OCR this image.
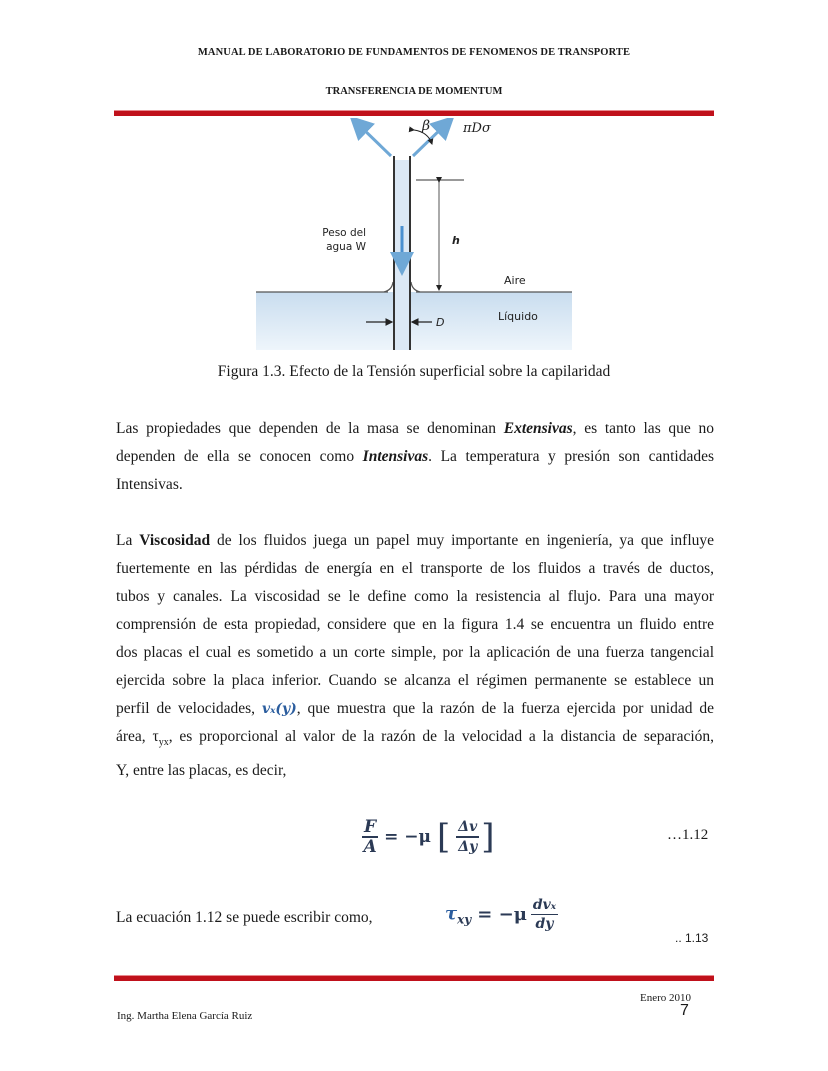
MANUAL DE LABORATORIO DE FUNDAMENTOS DE FENOMENOS DE TRANSPORTE
TRANSFERENCIA DE MOMENTUM
β	πDσ
Peso del
agua W	h
Aire
Líquido
D
Figura 1.3. Efecto de la Tensión superficial sobre la capilaridad
Las propiedades que dependen de la masa se denominan Extensivas, es tanto las que no
dependen de ella se conocen como Intensivas. La temperatura y presión son cantidades
Intensivas.
La Viscosidad de los fluidos juega un papel muy importante en ingeniería, ya que influye
fuertemente en las pérdidas de energía en el transporte de los fluidos a través de ductos,
tubos y canales. La viscosidad se le define como la resistencia al flujo. Para una mayor
comprensión de esta propiedad, considere que en la figura 1.4 se encuentra un fluido entre
dos placas el cual es sometido a un corte simple, por la aplicación de una fuerza tangencial
ejercida sobre la placa inferior. Cuando se alcanza el régimen permanente se establece un
perfil de velocidades, vₓ(y), que muestra que la razón de la fuerza ejercida por unidad de
área, $\tau_{yx}$, es proporcional al valor de la razón de la velocidad a la distancia de separación,
Y, entre las placas, es decir,
$\frac{F}{A} = -\mu$ [ $\frac{\Delta v}{\Delta y}$ ]	…1.12
La ecuación 1.12 se puede escribir como,	$\tau_{xy} = -\mu \frac{\text{dvₓ}}{dy}$
.. 1.13
Enero 2010
Ing. Martha Elena García Ruiz	7
